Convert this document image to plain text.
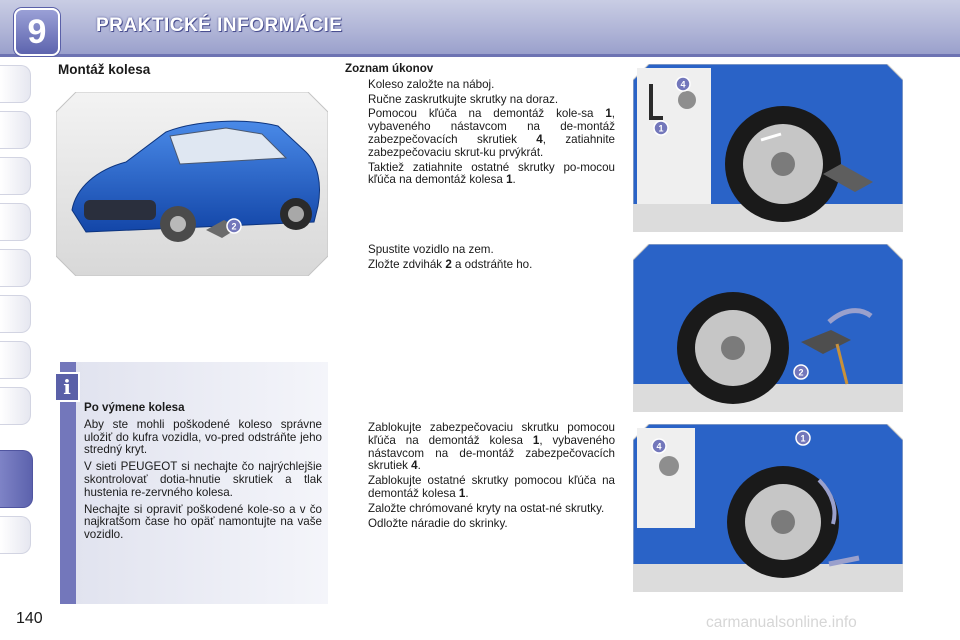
9	PRAKTICKÉ INFORMÁCIE
Montáž kolesa
2
i
Po výmene kolesa

Aby ste mohli poškodené koleso správne uložiť do kufra vozidla, vo-pred odstráňte jeho stredný kryt.

V sieti PEUGEOT si nechajte čo najrýchlejšie skontrolovať dotia-hnutie skrutiek a tlak hustenia re-zervného kolesa.

Nechajte si opraviť poškodené kole-so a v čo najkratšom čase ho opäť namontujte na vaše vozidlo.

Zoznam úkonov
Koleso založte na náboj.
Ručne zaskrutkujte skrutky na doraz.
Pomocou kľúča na demontáž kole-sa 1, vybaveného nástavcom na de-montáž zabezpečovacích skrutiek 4, zatiahnite zabezpečovaciu skrut-ku prvýkrát.
Taktiež zatiahnite ostatné skrutky po-mocou kľúča na demontáž kolesa 1.
Spustite vozidlo na zem.
Zložte zdvihák 2 a odstráňte ho.
Zablokujte zabezpečovaciu skrutku pomocou kľúča na demontáž kolesa 1, vybaveného nástavcom na de-montáž zabezpečovacích skrutiek 4.
Zablokujte ostatné skrutky pomocou kľúča na demontáž kolesa 1.
Založte chrómované kryty na ostat-né skrutky.
Odložte náradie do skrinky.
4
1
2
4
1
140	carmanualsonline.info
